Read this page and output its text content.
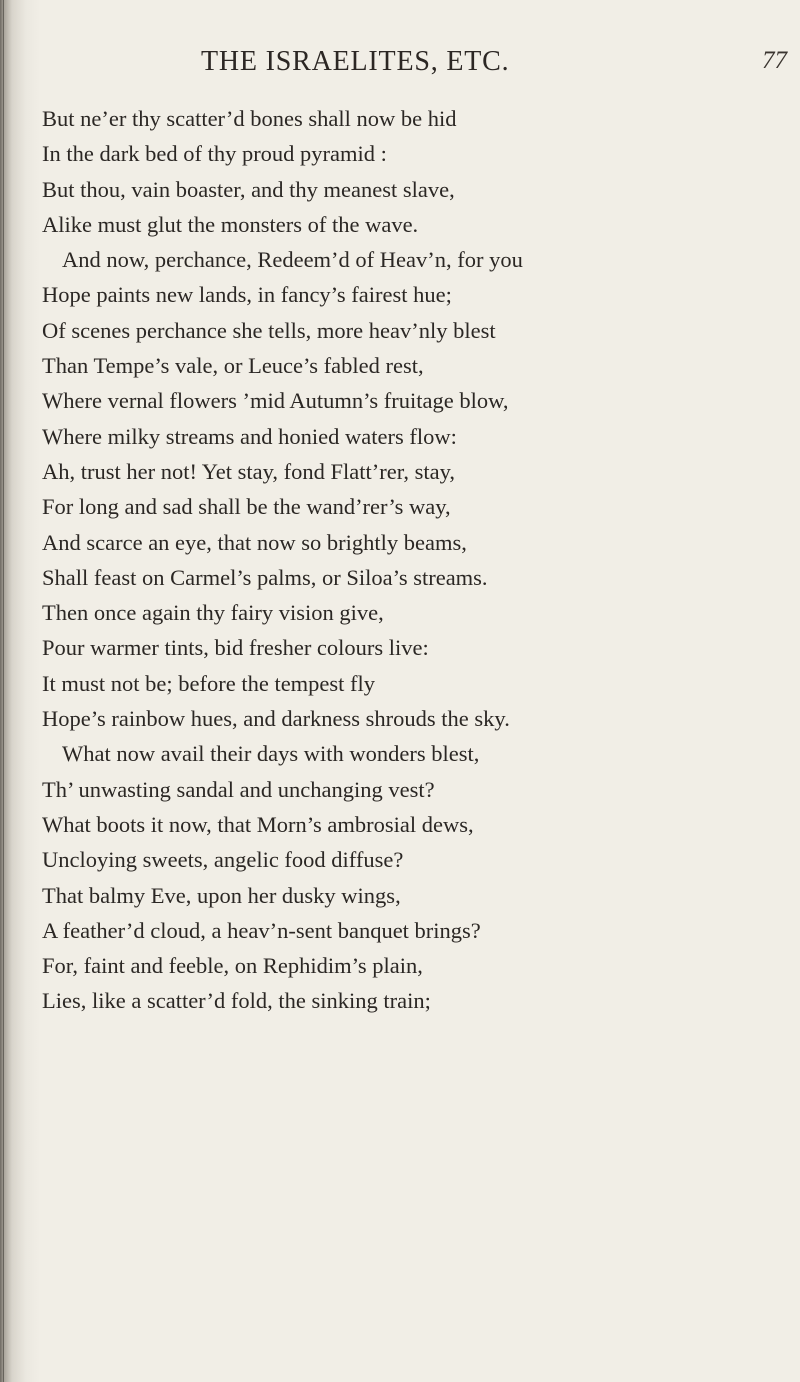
THE ISRAELITES, ETC.	77
But ne’er thy scatter’d bones shall now be hid
In the dark bed of thy proud pyramid :
But thou, vain boaster, and thy meanest slave,
Alike must glut the monsters of the wave.
And now, perchance, Redeem’d of Heav’n, for you
Hope paints new lands, in fancy’s fairest hue;
Of scenes perchance she tells, more heav’nly blest
Than Tempe’s vale, or Leuce’s fabled rest,
Where vernal flowers ’mid Autumn’s fruitage blow,
Where milky streams and honied waters flow:
Ah, trust her not! Yet stay, fond Flatt’rer, stay,
For long and sad shall be the wand’rer’s way,
And scarce an eye, that now so brightly beams,
Shall feast on Carmel’s palms, or Siloa’s streams.
Then once again thy fairy vision give,
Pour warmer tints, bid fresher colours live:
It must not be; before the tempest fly
Hope’s rainbow hues, and darkness shrouds the sky.
What now avail their days with wonders blest,
Th’ unwasting sandal and unchanging vest?
What boots it now, that Morn’s ambrosial dews,
Uncloying sweets, angelic food diffuse?
That balmy Eve, upon her dusky wings,
A feather’d cloud, a heav’n-sent banquet brings?
For, faint and feeble, on Rephidim’s plain,
Lies, like a scatter’d fold, the sinking train;
